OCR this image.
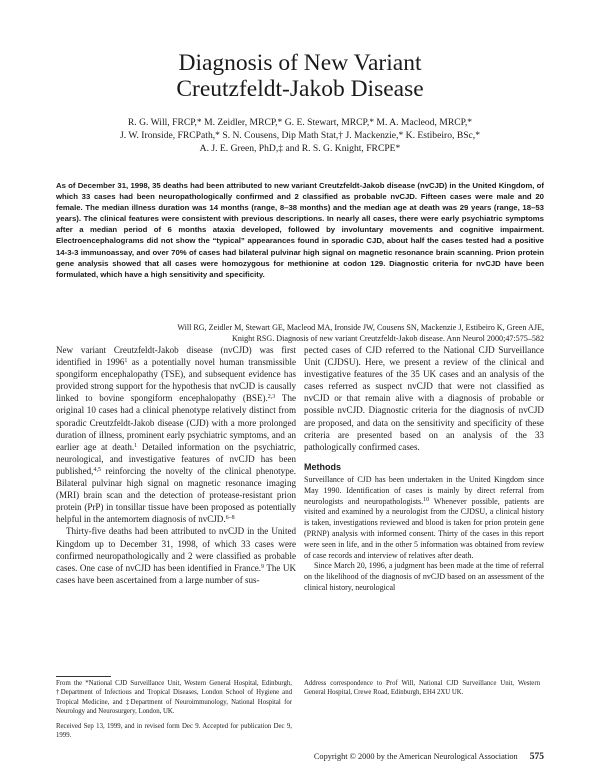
Diagnosis of New Variant
Creutzfeldt-Jakob Disease
R. G. Will, FRCP,* M. Zeidler, MRCP,* G. E. Stewart, MRCP,* M. A. Macleod, MRCP,*
J. W. Ironside, FRCPath,* S. N. Cousens, Dip Math Stat,† J. Mackenzie,* K. Estibeiro, BSc,*
A. J. E. Green, PhD,‡ and R. S. G. Knight, FRCPE*
As of December 31, 1998, 35 deaths had been attributed to new variant Creutzfeldt-Jakob disease (nvCJD) in the United Kingdom, of which 33 cases had been neuropathologically confirmed and 2 classified as probable nvCJD. Fifteen cases were male and 20 female. The median illness duration was 14 months (range, 8–38 months) and the median age at death was 29 years (range, 18–53 years). The clinical features were consistent with previous descriptions. In nearly all cases, there were early psychiatric symptoms after a median period of 6 months ataxia developed, followed by involuntary movements and cognitive impairment. Electroencephalograms did not show the “typical” appearances found in sporadic CJD, about half the cases tested had a positive 14-3-3 immunoassay, and over 70% of cases had bilateral pulvinar high signal on magnetic resonance brain scanning. Prion protein gene analysis showed that all cases were homozygous for methionine at codon 129. Diagnostic criteria for nvCJD have been formulated, which have a high sensitivity and specificity.
Will RG, Zeidler M, Stewart GE, Macleod MA, Ironside JW, Cousens SN, Mackenzie J, Estibeiro K, Green AJE,
Knight RSG. Diagnosis of new variant Creutzfeldt-Jakob disease. Ann Neurol 2000;47:575–582

New variant Creutzfeldt-Jakob disease (nvCJD) was first identified in 1996$^1$ as a potentially novel human transmissible spongiform encephalopathy (TSE), and subsequent evidence has provided strong support for the hypothesis that nvCJD is causally linked to bovine spongiform encephalopathy (BSE).$^{2,3}$ The original 10 cases had a clinical phenotype relatively distinct from sporadic Creutzfeldt-Jakob disease (CJD) with a more prolonged duration of illness, prominent early psychiatric symptoms, and an earlier age at death.$^1$ Detailed information on the psychiatric, neurological, and investigative features of nvCJD has been published,$^{4,5}$ reinforcing the novelty of the clinical phenotype. Bilateral pulvinar high signal on magnetic resonance imaging (MRI) brain scan and the detection of protease-resistant prion protein (PrP) in tonsillar tissue have been proposed as potentially helpful in the antemortem diagnosis of nvCJD.$^{6-8}$

Thirty-five deaths had been attributed to nvCJD in the United Kingdom up to December 31, 1998, of which 33 cases were confirmed neuropathologically and 2 were classified as probable cases. One case of nvCJD has been identified in France.$^9$ The UK cases have been ascertained from a large number of sus-

pected cases of CJD referred to the National CJD Surveillance Unit (CJDSU). Here, we present a review of the clinical and investigative features of the 35 UK cases and an analysis of the cases referred as suspect nvCJD that were not classified as nvCJD or that remain alive with a diagnosis of probable or possible nvCJD. Diagnostic criteria for the diagnosis of nvCJD are proposed, and data on the sensitivity and specificity of these criteria are presented based on an analysis of the 33 pathologically confirmed cases.

Methods

Surveillance of CJD has been undertaken in the United Kingdom since May 1990. Identification of cases is mainly by direct referral from neurologists and neuropathologists.$^{10}$ Whenever possible, patients are visited and examined by a neurologist from the CJDSU, a clinical history is taken, investigations reviewed and blood is taken for prion protein gene (PRNP) analysis with informed consent. Thirty of the cases in this report were seen in life, and in the other 5 information was obtained from review of case records and interview of relatives after death.

Since March 20, 1996, a judgment has been made at the time of referral on the likelihood of the diagnosis of nvCJD based on an assessment of the clinical history, neurological

From the *National CJD Surveillance Unit, Western General Hospital, Edinburgh, †Department of Infectious and Tropical Diseases, London School of Hygiene and Tropical Medicine, and ‡Department of Neuroimmunology, National Hospital for Neurology and Neurosurgery, London, UK.

Received Sep 13, 1999, and in revised form Dec 9. Accepted for publication Dec 9, 1999.

Address correspondence to Prof Will, National CJD Surveillance Unit, Western General Hospital, Crewe Road, Edinburgh, EH4 2XU UK.

Copyright © 2000 by the American Neurological Association 575
